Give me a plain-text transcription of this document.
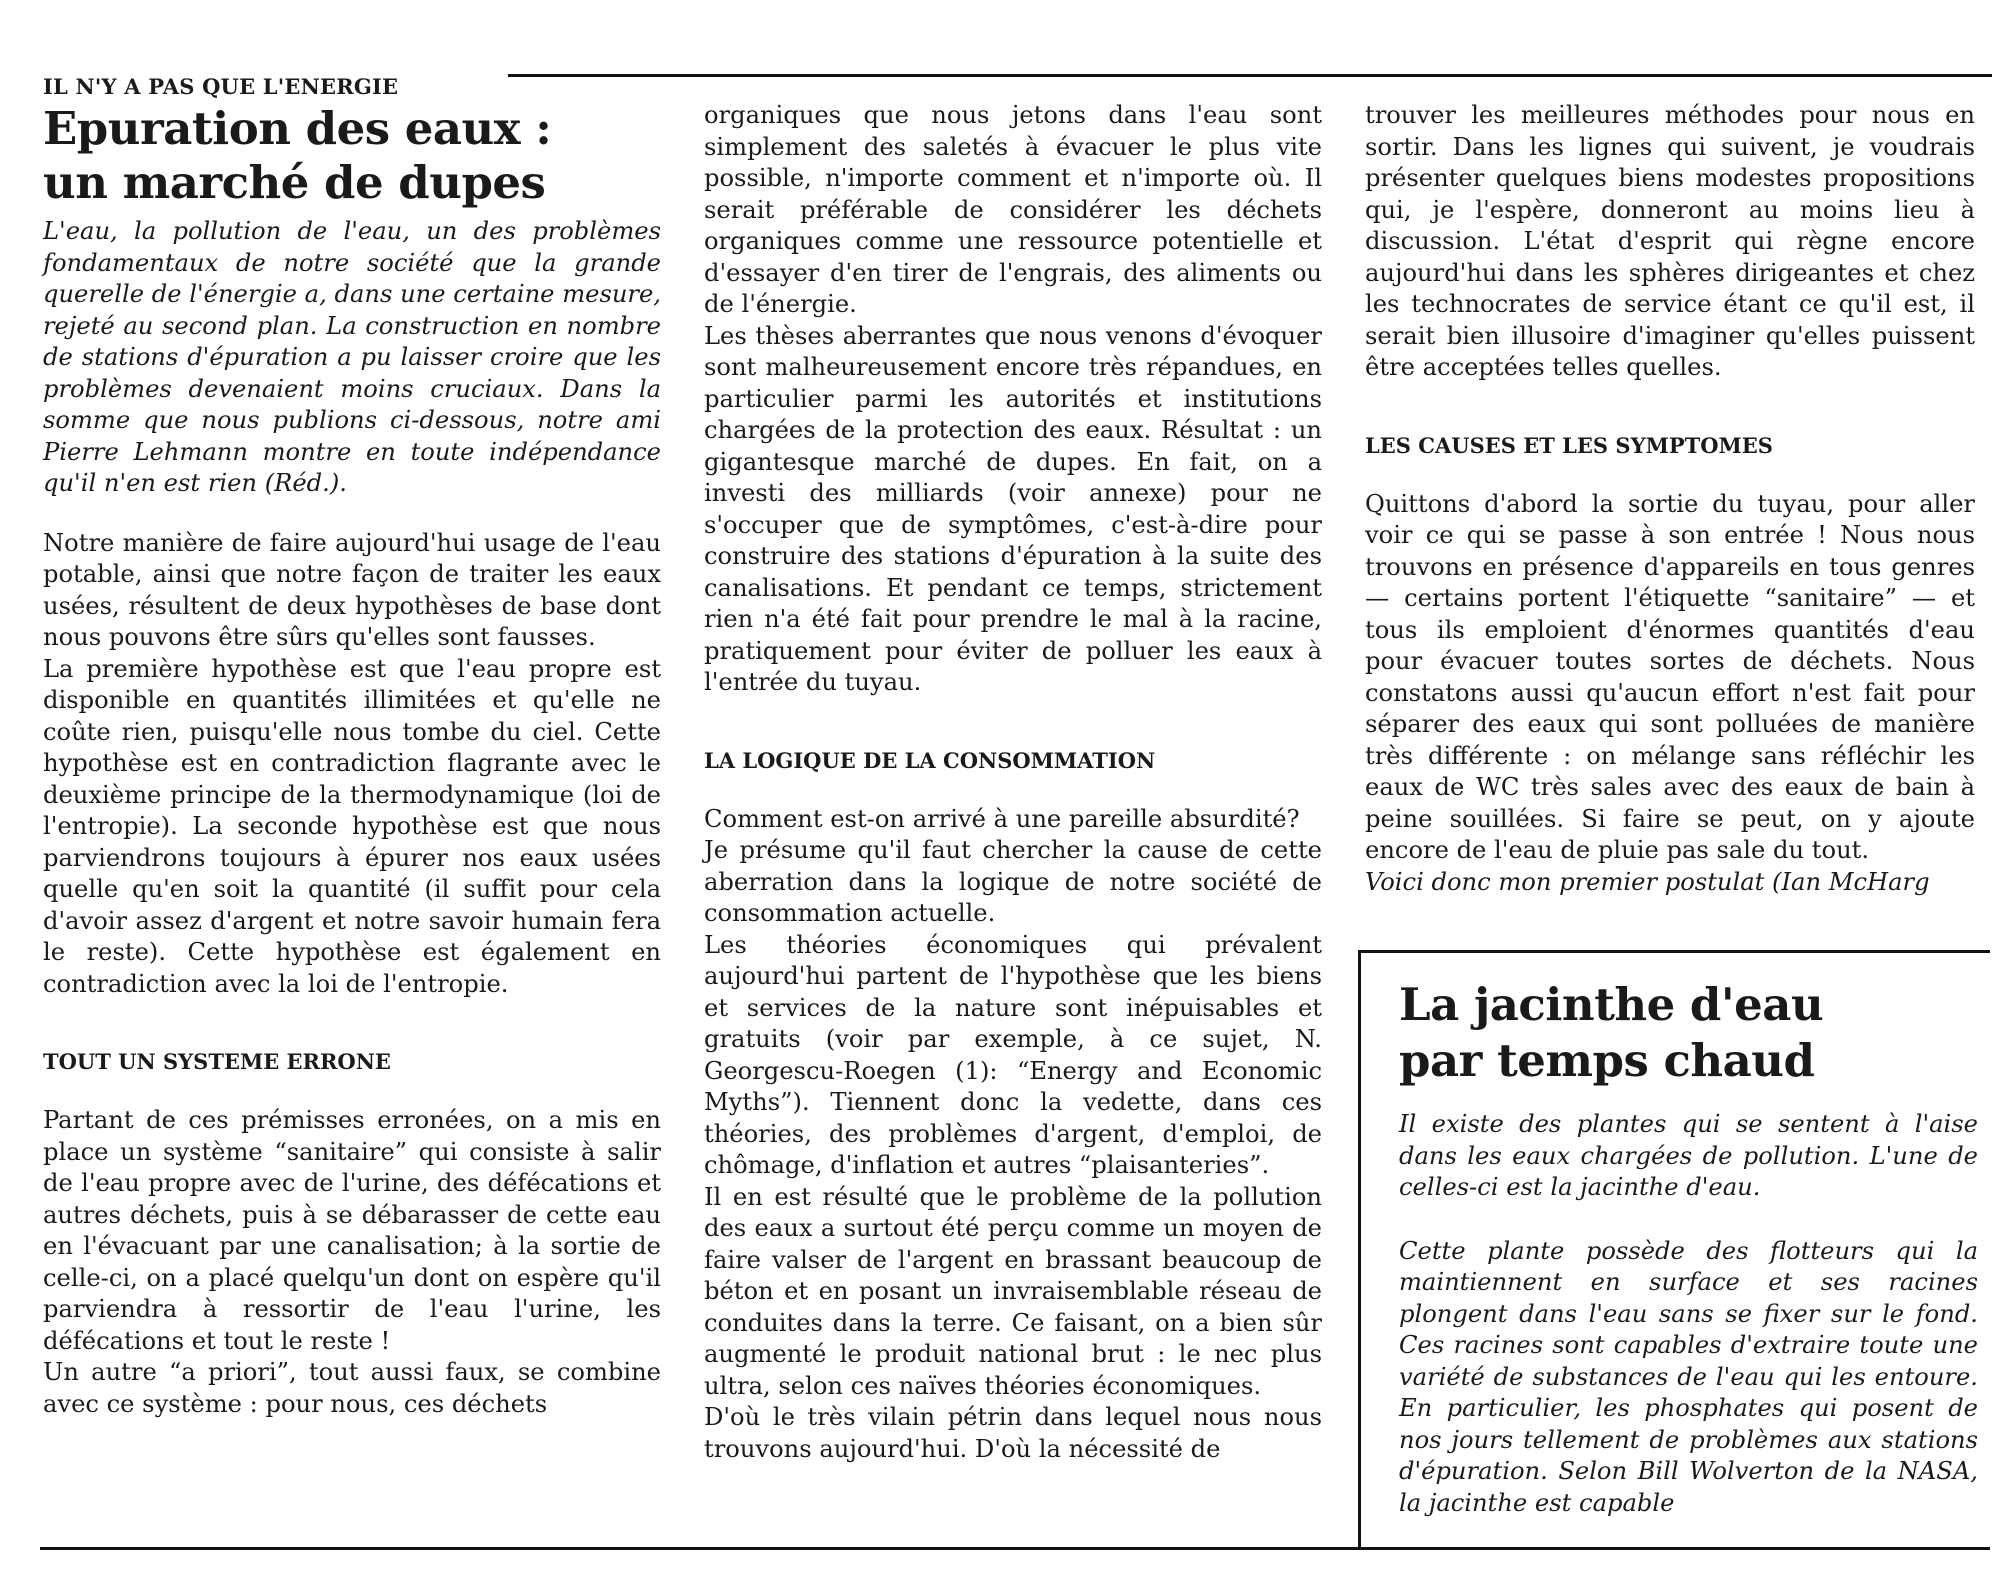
IL N'Y A PAS QUE L'ENERGIE

Epuration des eaux :
un marché de dupes

L'eau, la pollution de l'eau, un des problèmes fondamentaux de notre société que la grande querelle de l'énergie a, dans une certaine mesure, rejeté au second plan. La construction en nombre de stations d'épuration a pu laisser croire que les problèmes devenaient moins cruciaux. Dans la somme que nous publions ci-dessous, notre ami Pierre Lehmann montre en toute indépendance qu'il n'en est rien (Réd.).

Notre manière de faire aujourd'hui usage de l'eau potable, ainsi que notre façon de traiter les eaux usées, résultent de deux hypothèses de base dont nous pouvons être sûrs qu'elles sont fausses.

La première hypothèse est que l'eau propre est disponible en quantités illimitées et qu'elle ne coûte rien, puisqu'elle nous tombe du ciel. Cette hypothèse est en contradiction flagrante avec le deuxième principe de la thermodynamique (loi de l'entropie). La seconde hypothèse est que nous parviendrons toujours à épurer nos eaux usées quelle qu'en soit la quantité (il suffit pour cela d'avoir assez d'argent et notre savoir humain fera le reste). Cette hypothèse est également en contradiction avec la loi de l'entropie.

TOUT UN SYSTEME ERRONE

Partant de ces prémisses erronées, on a mis en place un système “sanitaire” qui consiste à salir de l'eau propre avec de l'urine, des défécations et autres déchets, puis à se débarasser de cette eau en l'évacuant par une canalisation; à la sortie de celle-ci, on a placé quelqu'un dont on espère qu'il parviendra à ressortir de l'eau l'urine, les défécations et tout le reste !

Un autre “a priori”, tout aussi faux, se combine avec ce système : pour nous, ces déchets

organiques que nous jetons dans l'eau sont simplement des saletés à évacuer le plus vite possible, n'importe comment et n'importe où. Il serait préférable de considérer les déchets organiques comme une ressource potentielle et d'essayer d'en tirer de l'engrais, des aliments ou de l'énergie.

Les thèses aberrantes que nous venons d'évoquer sont malheureusement encore très répandues, en particulier parmi les autorités et institutions chargées de la protection des eaux. Résultat : un gigantesque marché de dupes. En fait, on a investi des milliards (voir annexe) pour ne s'occuper que de symptômes, c'est-à-dire pour construire des stations d'épuration à la suite des canalisations. Et pendant ce temps, strictement rien n'a été fait pour prendre le mal à la racine, pratiquement pour éviter de polluer les eaux à l'entrée du tuyau.

LA LOGIQUE DE LA CONSOMMATION

Comment est-on arrivé à une pareille absurdité?

Je présume qu'il faut chercher la cause de cette aberration dans la logique de notre société de consommation actuelle.

Les théories économiques qui prévalent aujourd'hui partent de l'hypothèse que les biens et services de la nature sont inépuisables et gratuits (voir par exemple, à ce sujet, N. Georgescu-Roegen (1): “Energy and Economic Myths”). Tiennent donc la vedette, dans ces théories, des problèmes d'argent, d'emploi, de chômage, d'inflation et autres “plaisanteries”.

Il en est résulté que le problème de la pollution des eaux a surtout été perçu comme un moyen de faire valser de l'argent en brassant beaucoup de béton et en posant un invraisemblable réseau de conduites dans la terre. Ce faisant, on a bien sûr augmenté le produit national brut : le nec plus ultra, selon ces naïves théories économiques.

D'où le très vilain pétrin dans lequel nous nous trouvons aujourd'hui. D'où la nécessité de

trouver les meilleures méthodes pour nous en sortir. Dans les lignes qui suivent, je voudrais présenter quelques biens modestes propositions qui, je l'espère, donneront au moins lieu à discussion. L'état d'esprit qui règne encore aujourd'hui dans les sphères dirigeantes et chez les technocrates de service étant ce qu'il est, il serait bien illusoire d'imaginer qu'elles puissent être acceptées telles quelles.

LES CAUSES ET LES SYMPTOMES

Quittons d'abord la sortie du tuyau, pour aller voir ce qui se passe à son entrée ! Nous nous trouvons en présence d'appareils en tous genres — certains portent l'étiquette “sanitaire” — et tous ils emploient d'énormes quantités d'eau pour évacuer toutes sortes de déchets. Nous constatons aussi qu'aucun effort n'est fait pour séparer des eaux qui sont polluées de manière très différente : on mélange sans réfléchir les eaux de WC très sales avec des eaux de bain à peine souillées. Si faire se peut, on y ajoute encore de l'eau de pluie pas sale du tout.

Voici donc mon premier postulat (Ian McHarg

La jacinthe d'eau
par temps chaud

Il existe des plantes qui se sentent à l'aise dans les eaux chargées de pollution. L'une de celles-ci est la jacinthe d'eau.

Cette plante possède des flotteurs qui la maintiennent en surface et ses racines plongent dans l'eau sans se fixer sur le fond. Ces racines sont capables d'extraire toute une variété de substances de l'eau qui les entoure. En particulier, les phosphates qui posent de nos jours tellement de problèmes aux stations d'épuration. Selon Bill Wolverton de la NASA, la jacinthe est capable
